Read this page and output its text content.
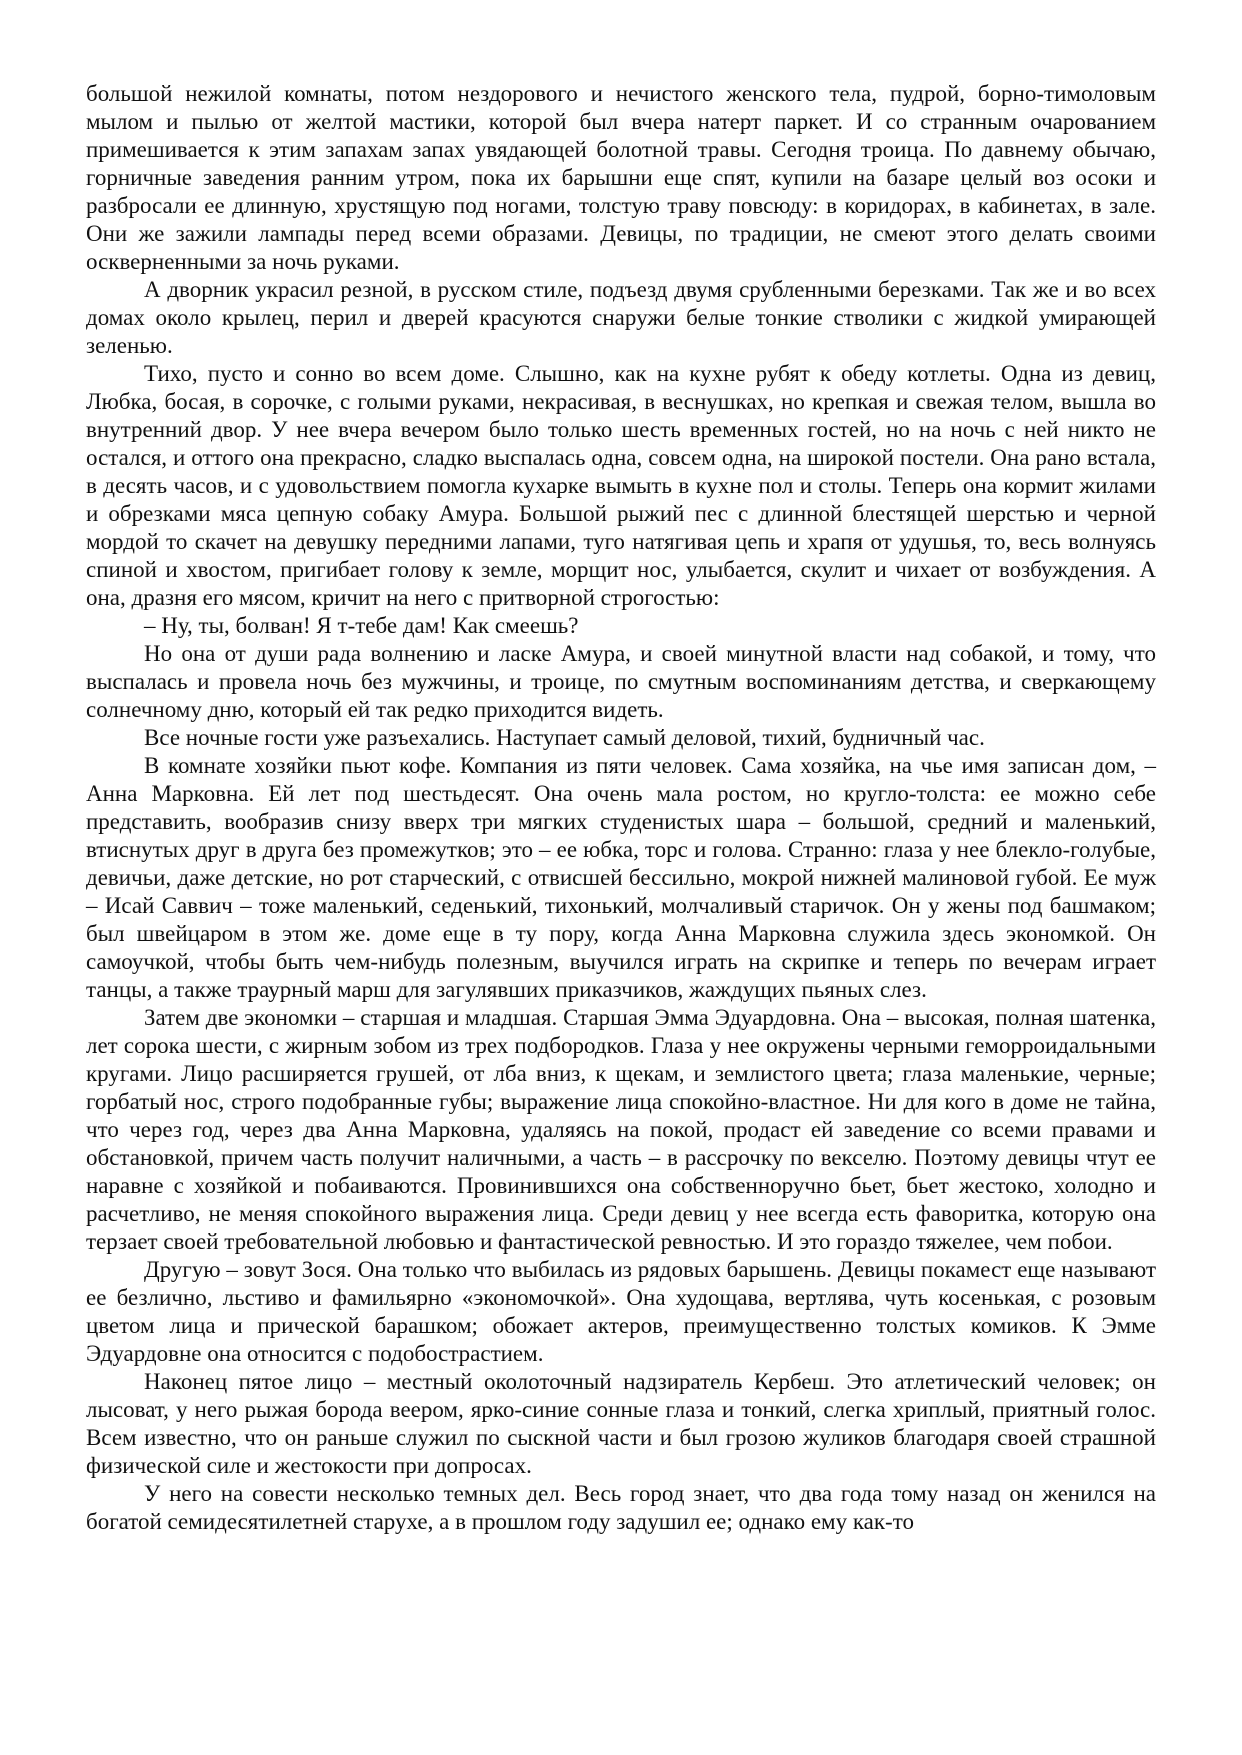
большой нежилой комнаты, потом нездорового и нечистого женского тела, пудрой, борно-тимоловым мылом и пылью от желтой мастики, которой был вчера натерт паркет. И со странным очарованием примешивается к этим запахам запах увядающей болотной травы. Сегодня троица. По давнему обычаю, горничные заведения ранним утром, пока их барышни еще спят, купили на базаре целый воз осоки и разбросали ее длинную, хрустящую под ногами, толстую траву повсюду: в коридорах, в кабинетах, в зале. Они же зажили лампады перед всеми образами. Девицы, по традиции, не смеют этого делать своими оскверненными за ночь руками.

А дворник украсил резной, в русском стиле, подъезд двумя срубленными березками. Так же и во всех домах около крылец, перил и дверей красуются снаружи белые тонкие стволики с жидкой умирающей зеленью.

Тихо, пусто и сонно во всем доме. Слышно, как на кухне рубят к обеду котлеты. Одна из девиц, Любка, босая, в сорочке, с голыми руками, некрасивая, в веснушках, но крепкая и свежая телом, вышла во внутренний двор. У нее вчера вечером было только шесть временных гостей, но на ночь с ней никто не остался, и оттого она прекрасно, сладко выспалась одна, совсем одна, на широкой постели. Она рано встала, в десять часов, и с удовольствием помогла кухарке вымыть в кухне пол и столы. Теперь она кормит жилами и обрезками мяса цепную собаку Амура. Большой рыжий пес с длинной блестящей шерстью и черной мордой то скачет на девушку передними лапами, туго натягивая цепь и храпя от удушья, то, весь волнуясь спиной и хвостом, пригибает голову к земле, морщит нос, улыбается, скулит и чихает от возбуждения. А она, дразня его мясом, кричит на него с притворной строгостью:

– Ну, ты, болван! Я т-тебе дам! Как смеешь?

Но она от души рада волнению и ласке Амура, и своей минутной власти над собакой, и тому, что выспалась и провела ночь без мужчины, и троице, по смутным воспоминаниям детства, и сверкающему солнечному дню, который ей так редко приходится видеть.

Все ночные гости уже разъехались. Наступает самый деловой, тихий, будничный час.

В комнате хозяйки пьют кофе. Компания из пяти человек. Сама хозяйка, на чье имя записан дом, – Анна Марковна. Ей лет под шестьдесят. Она очень мала ростом, но кругло-толста: ее можно себе представить, вообразив снизу вверх три мягких студенистых шара – большой, средний и маленький, втиснутых друг в друга без промежутков; это – ее юбка, торс и голова. Странно: глаза у нее блекло-голубые, девичьи, даже детские, но рот старческий, с отвисшей бессильно, мокрой нижней малиновой губой. Ее муж – Исай Саввич – тоже маленький, седенький, тихонький, молчаливый старичок. Он у жены под башмаком; был швейцаром в этом же. доме еще в ту пору, когда Анна Марковна служила здесь экономкой. Он самоучкой, чтобы быть чем-нибудь полезным, выучился играть на скрипке и теперь по вечерам играет танцы, а также траурный марш для загулявших приказчиков, жаждущих пьяных слез.

Затем две экономки – старшая и младшая. Старшая Эмма Эдуардовна. Она – высокая, полная шатенка, лет сорока шести, с жирным зобом из трех подбородков. Глаза у нее окружены черными геморроидальными кругами. Лицо расширяется грушей, от лба вниз, к щекам, и землистого цвета; глаза маленькие, черные; горбатый нос, строго подобранные губы; выражение лица спокойно-властное. Ни для кого в доме не тайна, что через год, через два Анна Марковна, удаляясь на покой, продаст ей заведение со всеми правами и обстановкой, причем часть получит наличными, а часть – в рассрочку по векселю. Поэтому девицы чтут ее наравне с хозяйкой и побаиваются. Провинившихся она собственноручно бьет, бьет жестоко, холодно и расчетливо, не меняя спокойного выражения лица. Среди девиц у нее всегда есть фаворитка, которую она терзает своей требовательной любовью и фантастической ревностью. И это гораздо тяжелее, чем побои.

Другую – зовут Зося. Она только что выбилась из рядовых барышень. Девицы покамест еще называют ее безлично, льстиво и фамильярно «экономочкой». Она худощава, вертлява, чуть косенькая, с розовым цветом лица и прической барашком; обожает актеров, преимущественно толстых комиков. К Эмме Эдуардовне она относится с подобострастием.

Наконец пятое лицо – местный околоточный надзиратель Кербеш. Это атлетический человек; он лысоват, у него рыжая борода веером, ярко-синие сонные глаза и тонкий, слегка хриплый, приятный голос. Всем известно, что он раньше служил по сыскной части и был грозою жуликов благодаря своей страшной физической силе и жестокости при допросах.

У него на совести несколько темных дел. Весь город знает, что два года тому назад он женился на богатой семидесятилетней старухе, а в прошлом году задушил ее; однако ему как-то
